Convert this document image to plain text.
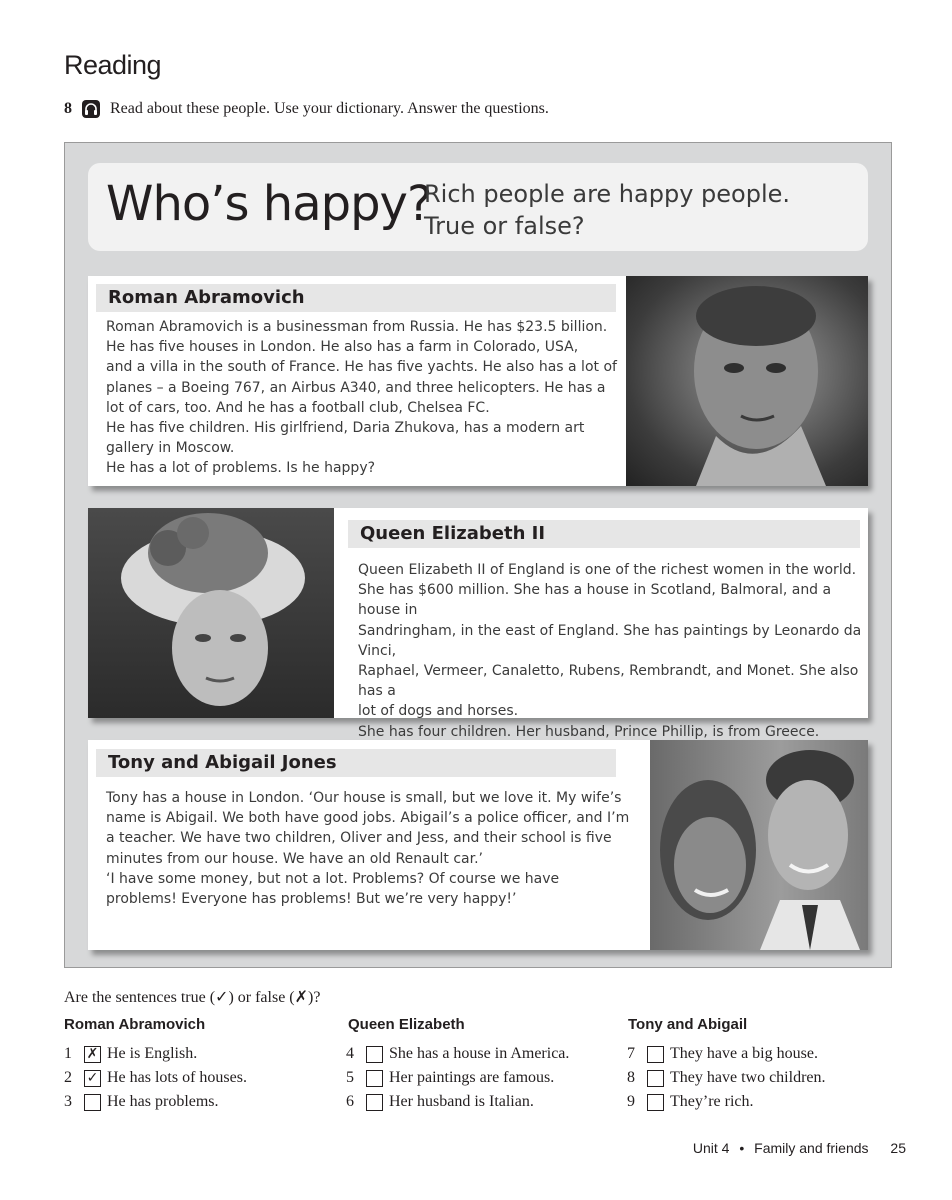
Reading
8 Read about these people. Use your dictionary. Answer the questions.
Who’s happy?
Rich people are happy people.
True or false?
Roman Abramovich
Roman Abramovich is a businessman from Russia. He has $23.5 billion.
He has five houses in London. He also has a farm in Colorado, USA,
and a villa in the south of France. He has five yachts. He also has a lot of
planes – a Boeing 767, an Airbus A340, and three helicopters. He has a
lot of cars, too. And he has a football club, Chelsea FC.
He has five children. His girlfriend, Daria Zhukova, has a modern art
gallery in Moscow.
He has a lot of problems. Is he happy?
Queen Elizabeth II
Queen Elizabeth II of England is one of the richest women in the world.
She has $600 million. She has a house in Scotland, Balmoral, and a house in
Sandringham, in the east of England. She has paintings by Leonardo da Vinci,
Raphael, Vermeer, Canaletto, Rubens, Rembrandt, and Monet. She also has a
lot of dogs and horses.
She has four children. Her husband, Prince Phillip, is from Greece.

Tony and Abigail Jones
Tony has a house in London. ‘Our house is small, but we love it. My wife’s
name is Abigail. We both have good jobs. Abigail’s a police officer, and I’m
a teacher. We have two children, Oliver and Jess, and their school is five
minutes from our house. We have an old Renault car.’
‘I have some money, but not a lot. Problems? Of course we have
problems! Everyone has problems! But we’re very happy!’
Are the sentences true (✓) or false (✗)?
Roman Abramovich	Queen Elizabeth	Tony and Abigail
1	✗ He is English.
2	✓ He has lots of houses.
3	He has problems.
4	She has a house in America.
5	Her paintings are famous.
6	Her husband is Italian.
7	They have a big house.
8	They have two children.
9	They’re rich.
Unit 4 • Family and friends 25
